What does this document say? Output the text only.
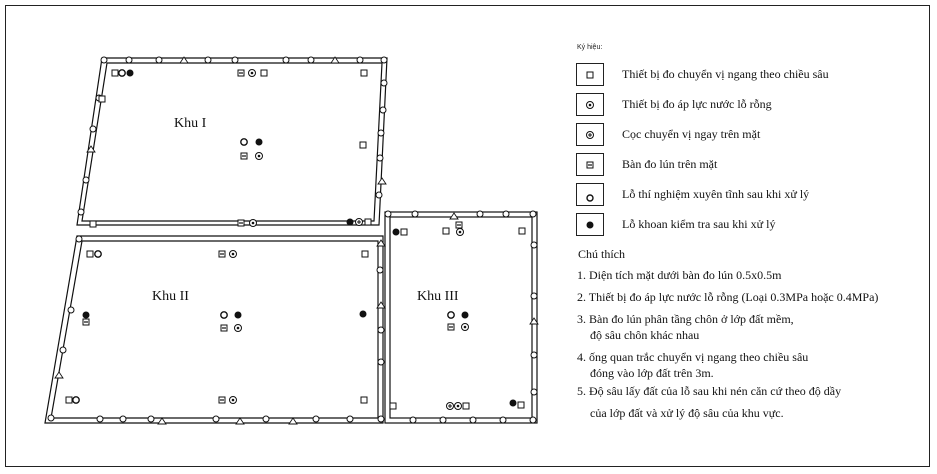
Khu I
Khu II	Khu III
Ký hiệu:
Thiết bị đo chuyển vị ngang theo chiều sâu
Thiết bị đo áp lực nước lỗ rỗng
Cọc chuyển vị ngay trên mặt
Bàn đo lún trên mặt
Lỗ thí nghiệm xuyên tĩnh sau khi xử lý
Lỗ khoan kiểm tra sau khi xử lý
Chú thích
1. Diện tích mặt dưới bàn đo lún 0.5x0.5m
2. Thiết bị đo áp lực nước lỗ rỗng (Loại 0.3MPa hoặc 0.4MPa)
3. Bàn đo lún phân tầng chôn ở lớp đất mềm,
độ sâu chôn khác nhau
4. ống quan trắc chuyển vị ngang theo chiều sâu
đóng vào lớp đất trên 3m.
5. Độ sâu lấy đất của lỗ sau khi nén căn cứ theo độ dầy
của lớp đất và xử lý độ sâu của khu vực.
